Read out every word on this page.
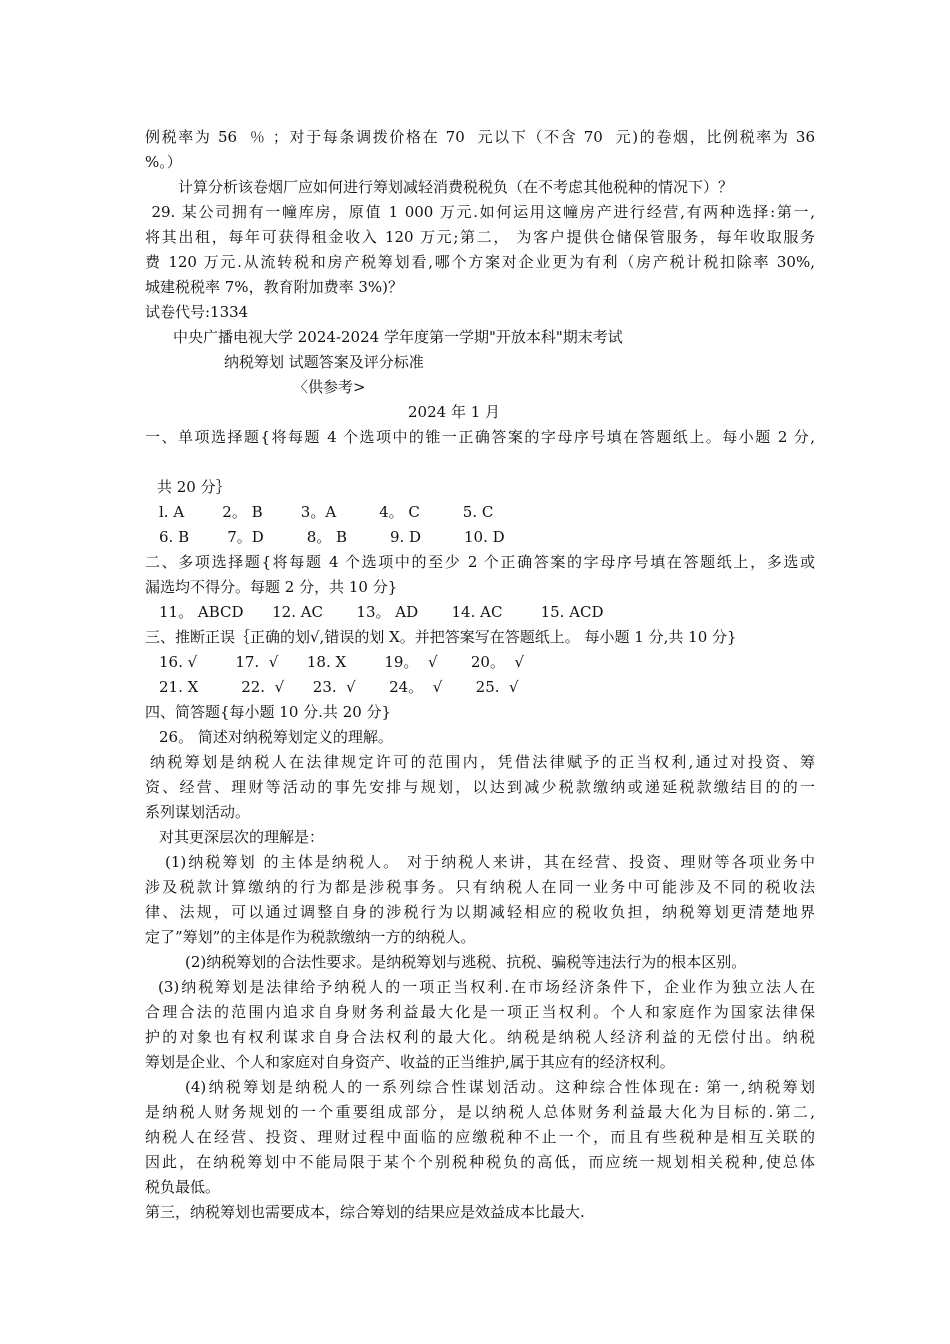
例税率为 56  ％ ；对于每条调拨价格在 70  元以下（不含 70  元)的卷烟，比例税率为 36

%。）

计算分析该卷烟厂应如何进行筹划减轻消费税税负（在不考虑其他税种的情况下）？

29. 某公司拥有一幢库房，原值 1 000 万元.如何运用这幢房产进行经营,有两种选择:第一,

将其出租，每年可获得租金收入 120 万元;第二， 为客户提供仓储保管服务，每年收取服务

费 120 万元.从流转税和房产税筹划看,哪个方案对企业更为有利（房产税计税扣除率 30%,

城建税税率 7%，教育附加费率 3%)？

试卷代号:1334

中央广播电视大学 2024-2024 学年度第一学期"开放本科"期末考试

纳税筹划 试题答案及评分标准

〈供参考>

2024 年 1 月

一、单项选择题{将每题 4 个选项中的锥一正确答案的字母序号填在答题纸上。每小题 2 分,

共 20 分｝

l. A        2。 B        3。A         4。 C         5. C

6. B        7。D         8。 B         9. D         10. D

二、多项选择题{将每题 4 个选项中的至少 2 个正确答案的字母序号填在答题纸上，多选或

漏选均不得分。每题 2 分，共 10 分}

11。 ABCD      12. AC       13。 AD       14. AC        15. ACD

三、推断正误｛正确的划√,错误的划 X。并把答案写在答题纸上。 每小题 1 分,共 10 分}

16. √        17.  √      18. X        19。  √       20。  √

21. X         22.  √      23.  √       24。  √       25.  √

四、简答题{每小题 10 分.共 20 分}

26。 简述对纳税筹划定义的理解。

纳税筹划是纳税人在法律规定许可的范围内，凭借法律赋予的正当权利,通过对投资、筹

资、经营、理财等活动的事先安排与规划，以达到减少税款缴纳或递延税款缴结目的的一

系列谋划活动。

对其更深层次的理解是：

(1)纳税筹划 的主体是纳税人。 对于纳税人来讲，其在经营、投资、理财等各项业务中

涉及税款计算缴纳的行为都是涉税事务。只有纳税人在同一业务中可能涉及不同的税收法

律、法规，可以通过调整自身的涉税行为以期减轻相应的税收负担，纳税筹划更清楚地界

定了”筹划”的主体是作为税款缴纳一方的纳税人。

(2)纳税筹划的合法性要求。是纳税筹划与逃税、抗税、骗税等违法行为的根本区别。

(3)纳税筹划是法律给予纳税人的一项正当权利.在市场经济条件下，企业作为独立法人在

合理合法的范围内追求自身财务利益最大化是一项正当权利。个人和家庭作为国家法律保

护的对象也有权利谋求自身合法权利的最大化。纳税是纳税人经济利益的无偿付出。纳税

筹划是企业、个人和家庭对自身资产、收益的正当维护,属于其应有的经济权利。

(4)纳税筹划是纳税人的一系列综合性谋划活动。这种综合性体现在: 第一,纳税筹划

是纳税人财务规划的一个重要组成部分，是以纳税人总体财务利益最大化为目标的.第二,

纳税人在经营、投资、理财过程中面临的应缴税种不止一个，而且有些税种是相互关联的

因此，在纳税筹划中不能局限于某个个别税种税负的高低，而应统一规划相关税种,使总体

税负最低。

第三，纳税筹划也需要成本，综合筹划的结果应是效益成本比最大.
